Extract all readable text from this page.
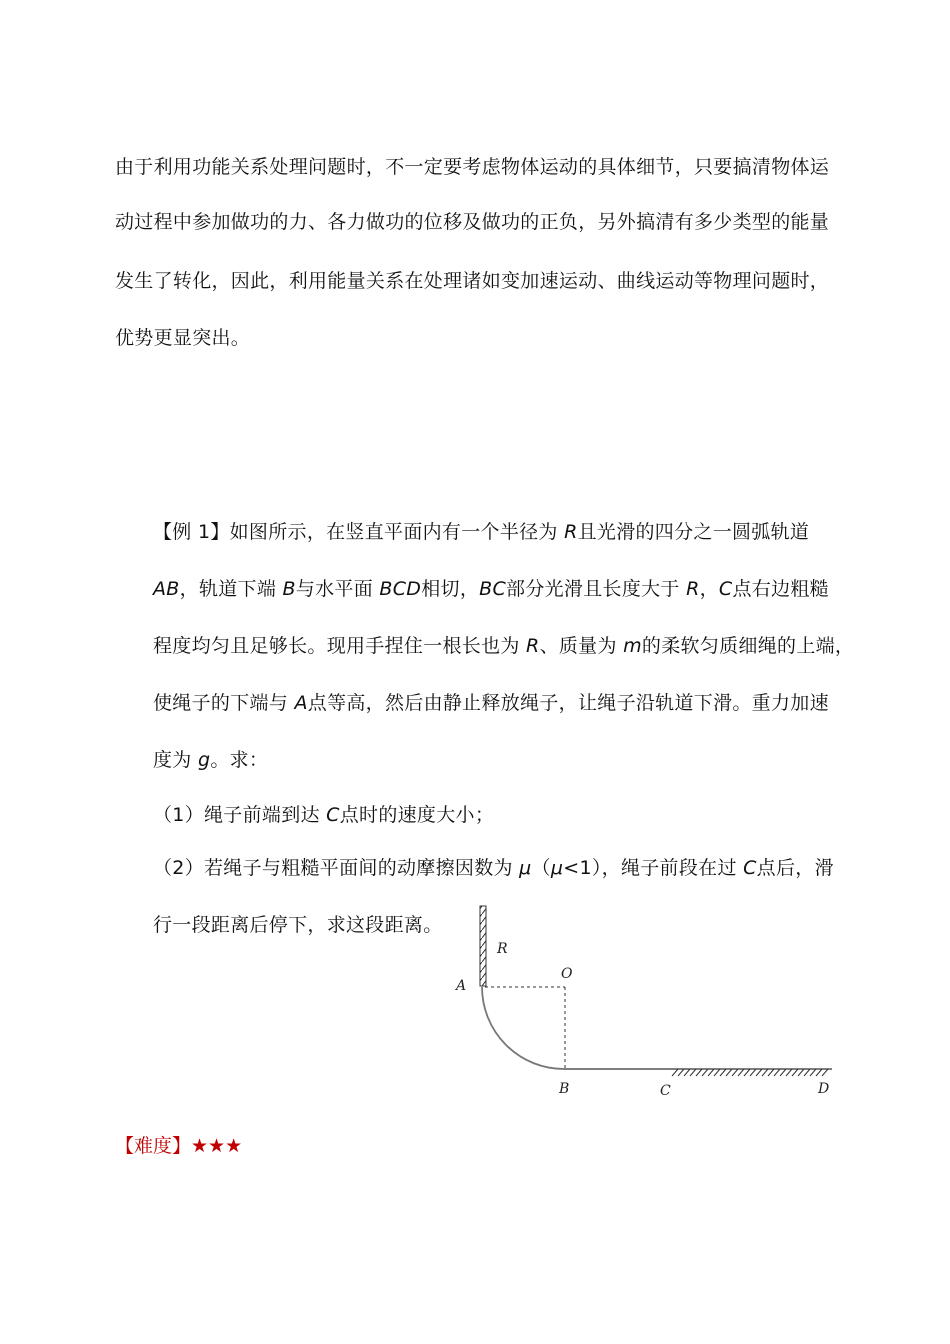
由于利用功能关系处理问题时，不一定要考虑物体运动的具体细节，只要搞清物体运
动过程中参加做功的力、各力做功的位移及做功的正负，另外搞清有多少类型的能量
发生了转化，因此，利用能量关系在处理诸如变加速运动、曲线运动等物理问题时，
优势更显突出。
【例 1】如图所示，在竖直平面内有一个半径为 R且光滑的四分之一圆弧轨道
AB，轨道下端 B与水平面 BCD相切，BC部分光滑且长度大于 R，C点右边粗糙
程度均匀且足够长。现用手捏住一根长也为 R、质量为 m的柔软匀质细绳的上端，
使绳子的下端与 A点等高，然后由静止释放绳子，让绳子沿轨道下滑。重力加速
度为 g。求：
（1）绳子前端到达 C点时的速度大小；
（2）若绳子与粗糙平面间的动摩擦因数为 μ（μ<1），绳子前段在过 C点后，滑
行一段距离后停下，求这段距离。
R
O
A
B	C	D
【难度】★★★
